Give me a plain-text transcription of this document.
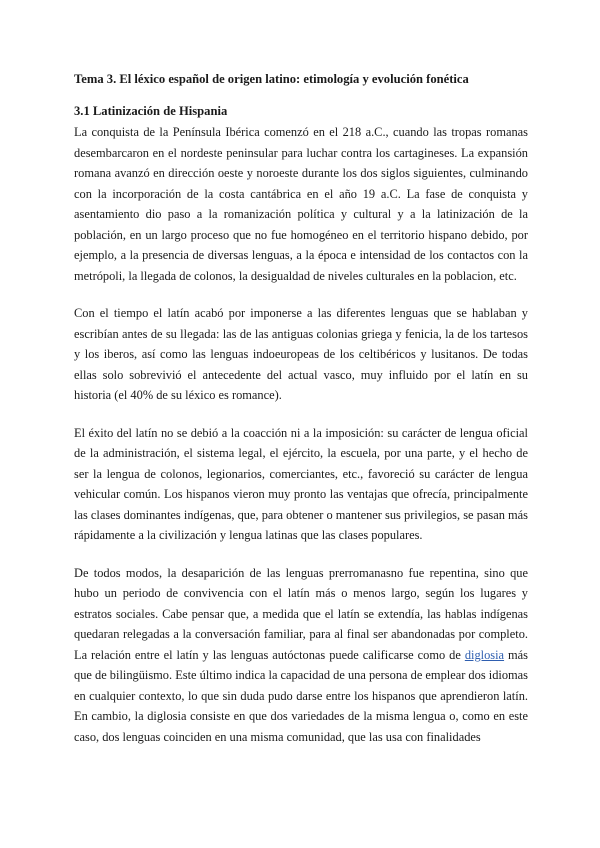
Tema 3. El léxico español de origen latino: etimología y evolución fonética

3.1 Latinización de Hispania

La conquista de la Península Ibérica comenzó en el 218 a.C., cuando las tropas romanas desembarcaron en el nordeste peninsular para luchar contra los cartagineses. La expansión romana avanzó en dirección oeste y noroeste durante los dos siglos siguientes, culminando con la incorporación de la costa cantábrica en el año 19 a.C. La fase de conquista y asentamiento dio paso a la romanización política y cultural y a la latinización de la población, en un largo proceso que no fue homogéneo en el territorio hispano debido, por ejemplo, a la presencia de diversas lenguas, a la época e intensidad de los contactos con la metrópoli, la llegada de colonos, la desigualdad de niveles culturales en la poblacion, etc.

Con el tiempo el latín acabó por imponerse a las diferentes lenguas que se hablaban y escribían antes de su llegada: las de las antiguas colonias griega y fenicia, la de los tartesos y los iberos, así como las lenguas indoeuropeas de los celtibéricos y lusitanos. De todas ellas solo sobrevivió el antecedente del actual vasco, muy influido por el latín en su historia (el 40% de su léxico es romance).

El éxito del latín no se debió a la coacción ni a la imposición: su carácter de lengua oficial de la administración, el sistema legal, el ejército, la escuela, por una parte, y el hecho de ser la lengua de colonos, legionarios, comerciantes, etc., favoreció su carácter de lengua vehicular común. Los hispanos vieron muy pronto las ventajas que ofrecía, principalmente las clases dominantes indígenas, que, para obtener o mantener sus privilegios, se pasan más rápidamente a la civilización y lengua latinas que las clases populares.

De todos modos, la desaparición de las lenguas prerromanasno fue repentina, sino que hubo un periodo de convivencia con el latín más o menos largo, según los lugares y estratos sociales. Cabe pensar que, a medida que el latín se extendía, las hablas indígenas quedaran relegadas a la conversación familiar, para al final ser abandonadas por completo. La relación entre el latín y las lenguas autóctonas puede calificarse como de diglosia más que de bilingüismo. Este último indica la capacidad de una persona de emplear dos idiomas en cualquier contexto, lo que sin duda pudo darse entre los hispanos que aprendieron latín. En cambio, la diglosia consiste en que dos variedades de la misma lengua o, como en este caso, dos lenguas coinciden en una misma comunidad, que las usa con finalidades
